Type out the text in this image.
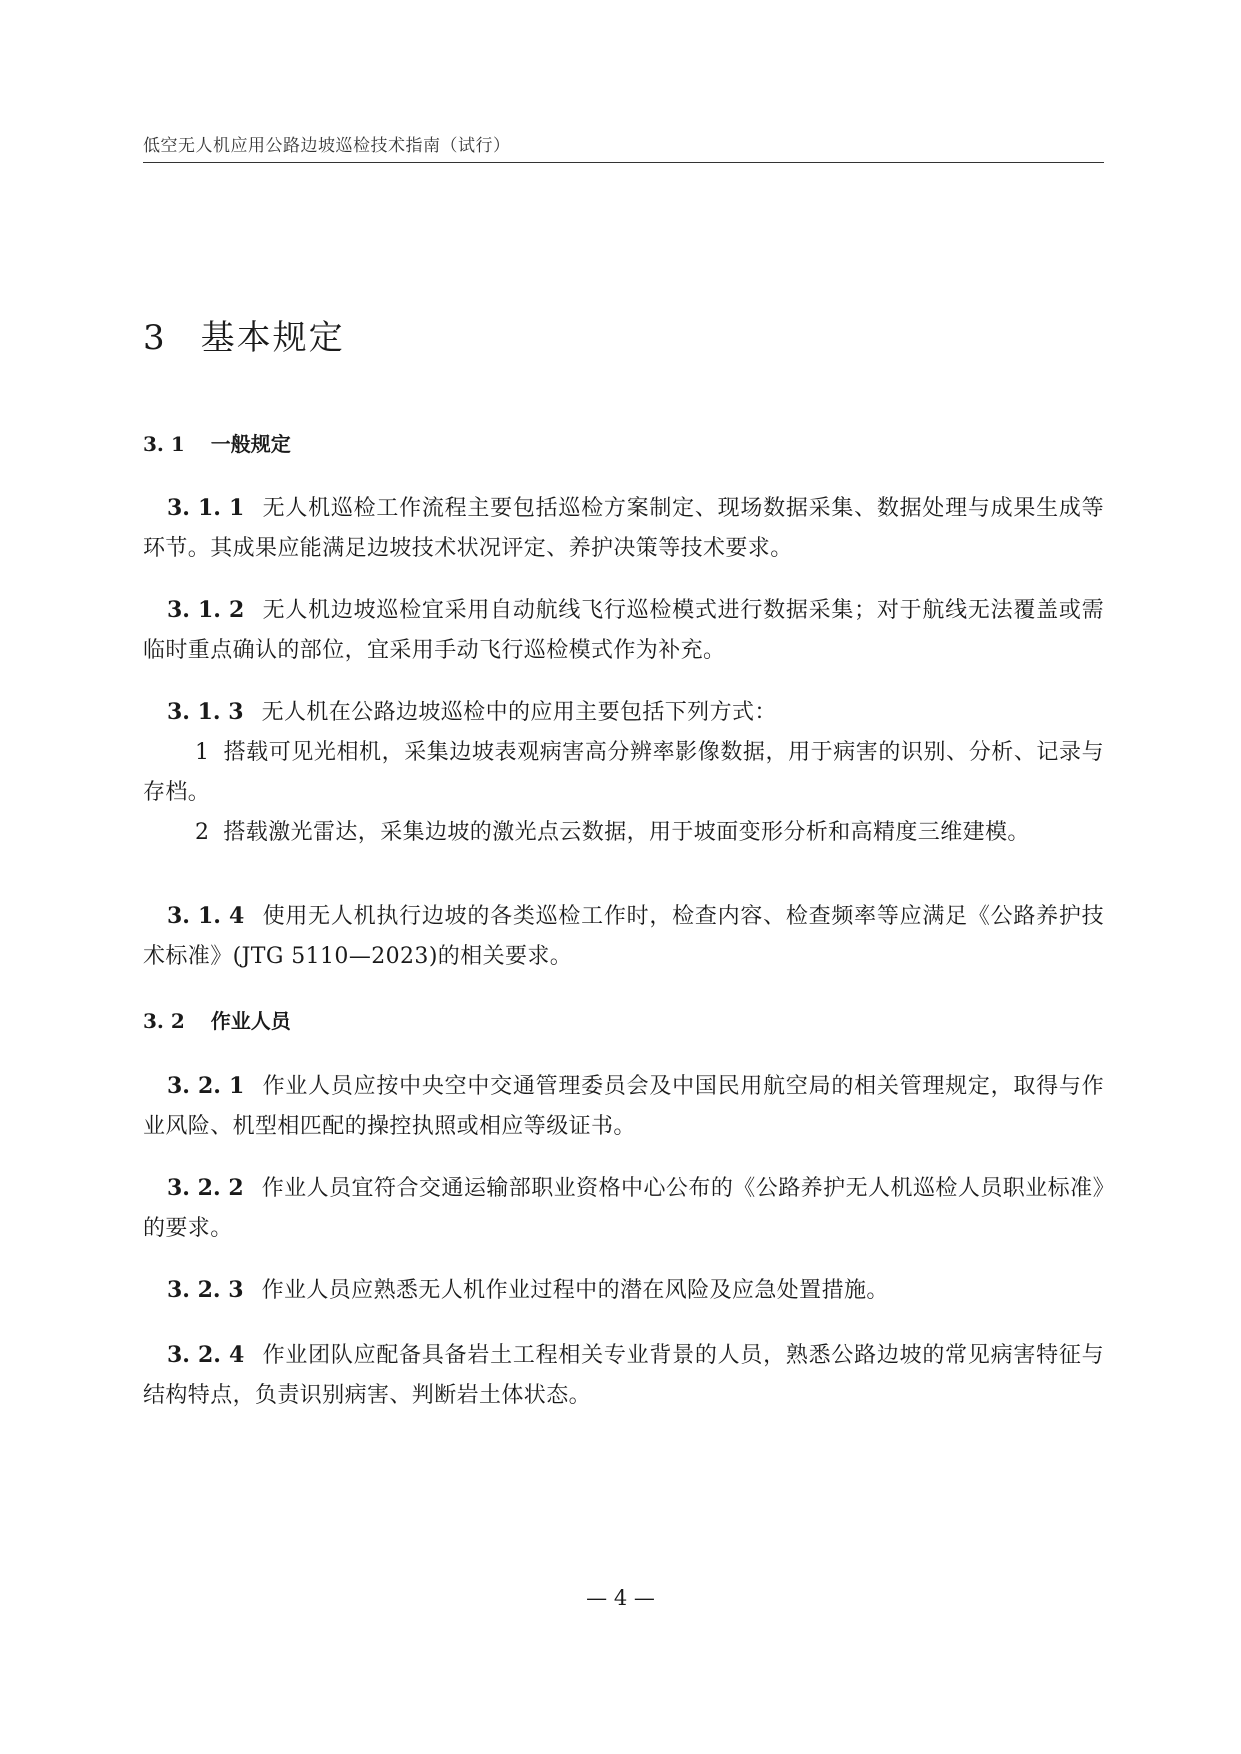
低空无人机应用公路边坡巡检技术指南（试行）
3 基本规定
3. 1 一般规定

3. 1. 1 无人机巡检工作流程主要包括巡检方案制定、现场数据采集、数据处理与成果生成等环节。其成果应能满足边坡技术状况评定、养护决策等技术要求。

3. 1. 2 无人机边坡巡检宜采用自动航线飞行巡检模式进行数据采集；对于航线无法覆盖或需临时重点确认的部位，宜采用手动飞行巡检模式作为补充。

3. 1. 3 无人机在公路边坡巡检中的应用主要包括下列方式：

1 搭载可见光相机，采集边坡表观病害高分辨率影像数据，用于病害的识别、分析、记录与存档。

2 搭载激光雷达，采集边坡的激光点云数据，用于坡面变形分析和高精度三维建模。

3. 1. 4 使用无人机执行边坡的各类巡检工作时，检查内容、检查频率等应满足《公路养护技术标准》(JTG 5110—2023)的相关要求。

3. 2 作业人员

3. 2. 1 作业人员应按中央空中交通管理委员会及中国民用航空局的相关管理规定，取得与作业风险、机型相匹配的操控执照或相应等级证书。

3. 2. 2 作业人员宜符合交通运输部职业资格中心公布的《公路养护无人机巡检人员职业标准》的要求。

3. 2. 3 作业人员应熟悉无人机作业过程中的潜在风险及应急处置措施。

3. 2. 4 作业团队应配备具备岩土工程相关专业背景的人员，熟悉公路边坡的常见病害特征与结构特点，负责识别病害、判断岩土体状态。

— 4 —
